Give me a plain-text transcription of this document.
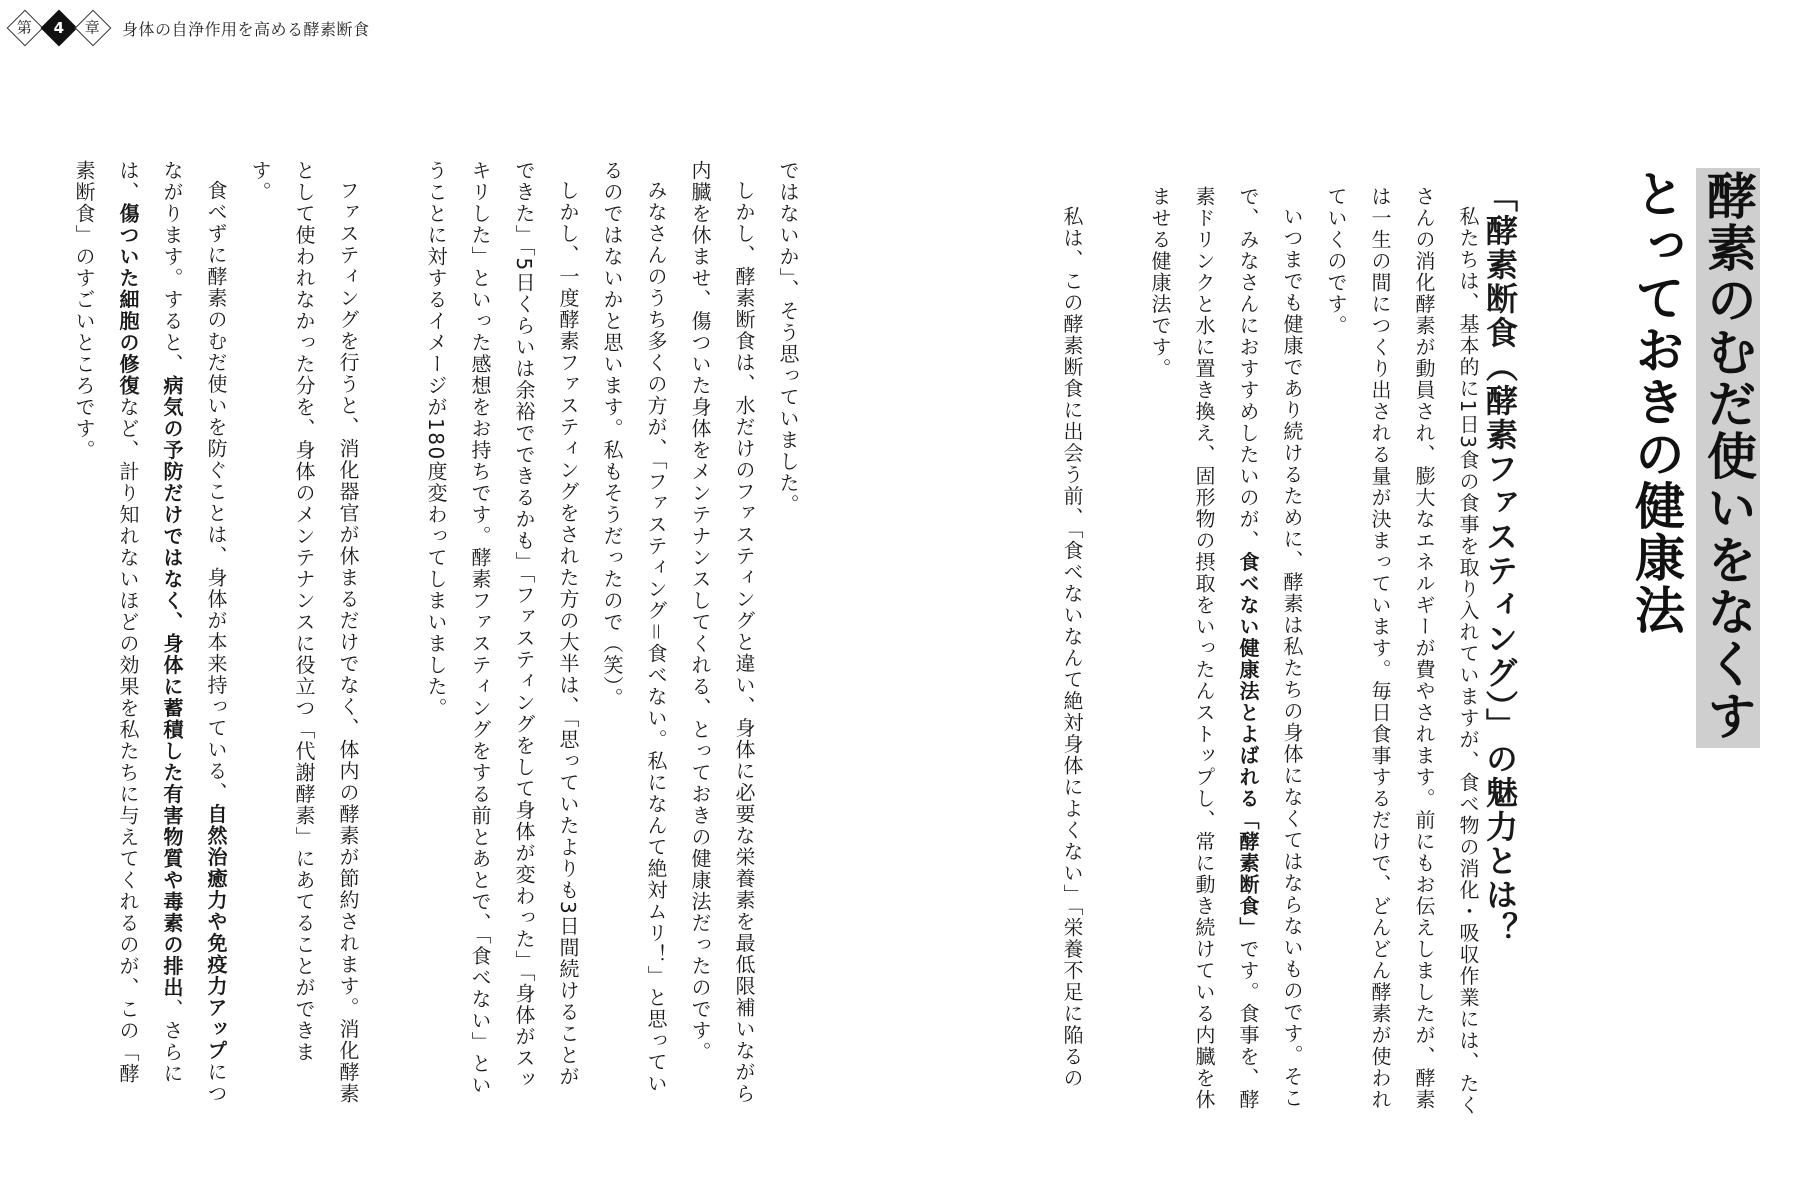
第 4 章 身体の自浄作用を高める酵素断食
酵素のむだ使いをなくす
とっておきの健康法
「酵素断食（酵素ファスティング）」の魅力とは？

私たちは、基本的に1日3食の食事を取り入れていますが、食べ物の消化・吸収作業には、たくさんの消化酵素が動員され、膨大なエネルギーが費やされます。前にもお伝えしましたが、酵素は一生の間につくり出される量が決まっています。毎日食事するだけで、どんどん酵素が使われていくのです。

いつまでも健康であり続けるために、酵素は私たちの身体になくてはならないものです。そこで、みなさんにおすすめしたいのが、食べない健康法とよばれる「酵素断食」です。食事を、酵素ドリンクと水に置き換え、固形物の摂取をいったんストップし、常に動き続けている内臓を休ませる健康法です。

私は、この酵素断食に出会う前、「食べないなんて絶対身体によくない」「栄養不足に陥るの

ではないか」、そう思っていました。

しかし、酵素断食は、水だけのファスティングと違い、身体に必要な栄養素を最低限補いながら内臓を休ませ、傷ついた身体をメンテナンスしてくれる、とっておきの健康法だったのです。

みなさんのうち多くの方が、「ファスティング＝食べない。私になんて絶対ムリ！」と思っているのではないかと思います。私もそうだったので（笑）。

しかし、一度酵素ファスティングをされた方の大半は、「思っていたよりも3日間続けることができた」「5日くらいは余裕でできるかも」「ファスティングをして身体が変わった」「身体がスッキリした」といった感想をお持ちです。酵素ファスティングをする前とあとで、「食べない」ということに対するイメージが180度変わってしまいました。

ファスティングを行うと、消化器官が休まるだけでなく、体内の酵素が節約されます。消化酵素として使われなかった分を、身体のメンテナンスに役立つ「代謝酵素」にあてることができます。

食べずに酵素のむだ使いを防ぐことは、身体が本来持っている、自然治癒力や免疫力アップにつながります。すると、病気の予防だけではなく、身体に蓄積した有害物質や毒素の排出、さらには、傷ついた細胞の修復など、計り知れないほどの効果を私たちに与えてくれるのが、この「酵素断食」のすごいところです。
